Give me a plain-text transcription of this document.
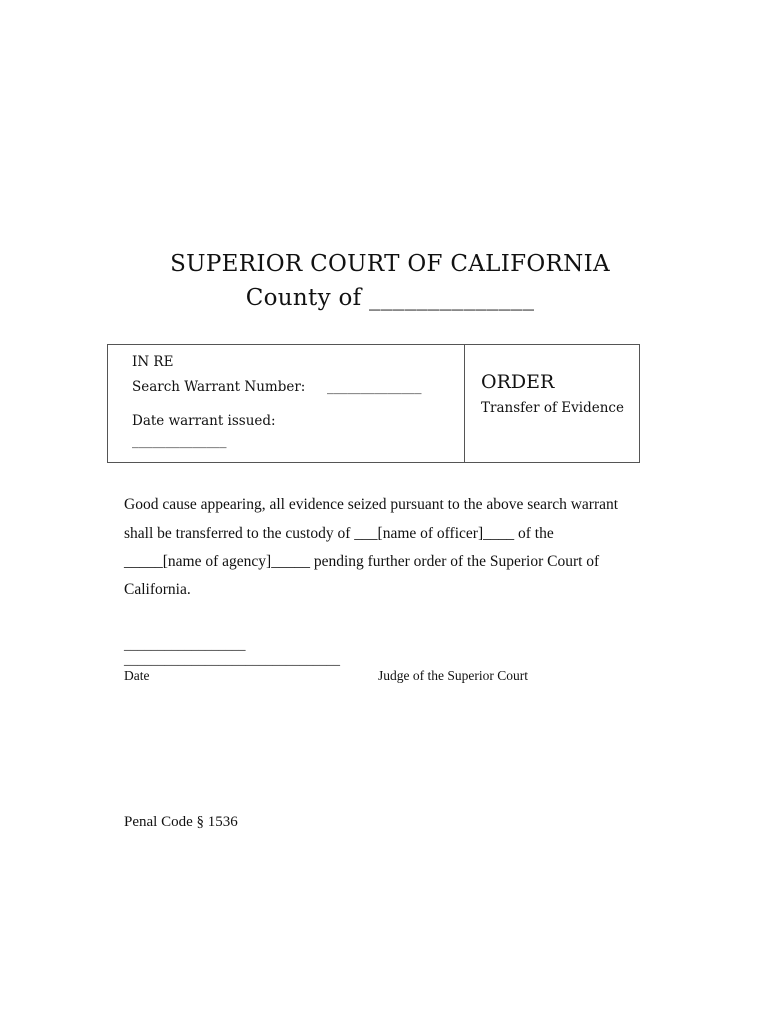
SUPERIOR COURT OF CALIFORNIA
County of ______________
IN RE
Search Warrant Number: ______________
Date warrant issued:
______________
ORDER
Transfer of Evidence
Good cause appearing, all evidence seized pursuant to the above search warrant
shall be transferred to the custody of ___[name of officer]____ of the
_____[name of agency]_____ pending further order of the Superior Court of
California.
__________________
________________________________
Date	Judge of the Superior Court
Penal Code § 1536
